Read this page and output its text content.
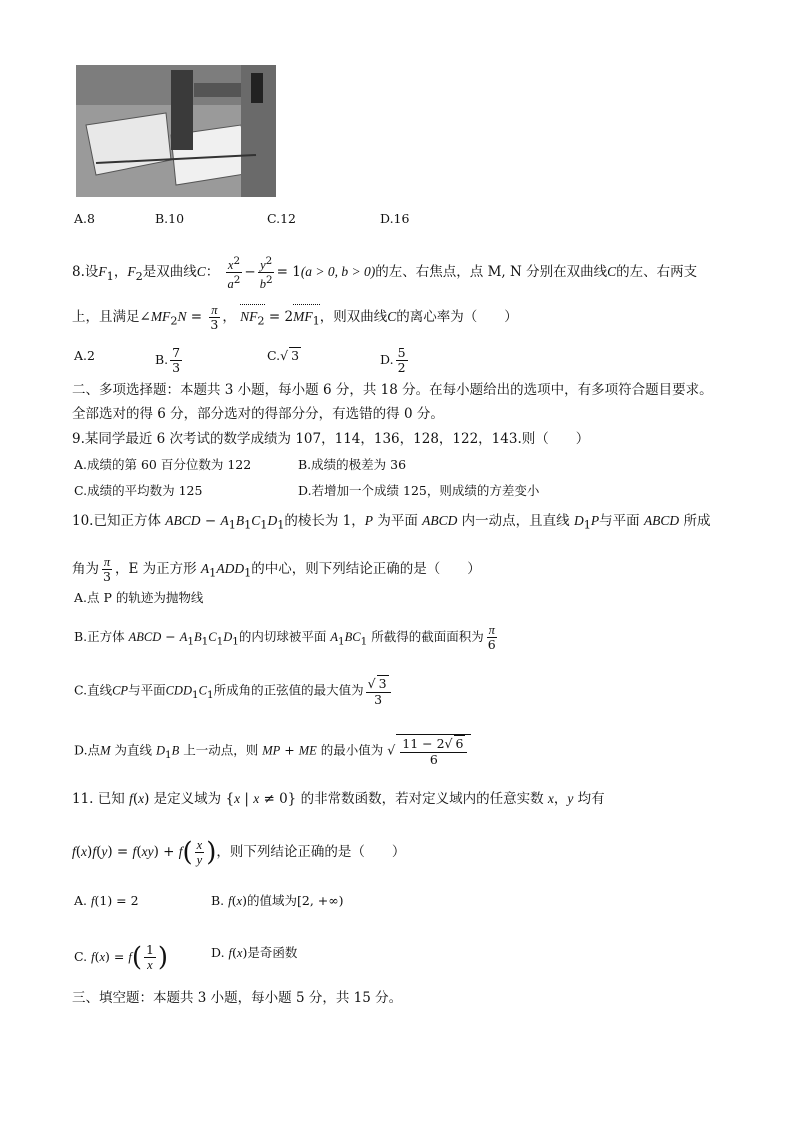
A.8	B.10	C.12	D.16
8.设$F_1$，$F_2$是双曲线C： $\frac{x^2}{a^2} - \frac{y^2}{b^2} = 1(a > 0$, b > 0)的左、右焦点，点 M, N 分别在双曲线C的左、右两支
上，且满足$\angle MF_2N = \frac{\pi}{3}$ ， $NF_2 = 2MF_1$，则双曲线C的离心率为（　　）
A.2	B. $\frac{7}{3}$	C.√ 3	D. $\frac{5}{2}$
二、多项选择题：本题共 3 小题，每小题 6 分，共 18 分。在每小题给出的选项中，有多项符合题目要求。
全部选对的得 6 分，部分选对的得部分分，有选错的得 0 分。
9.某同学最近 6 次考试的数学成绩为 107，114，136，128，122，143.则（　　）
A.成绩的第 60 百分位数为 122	B.成绩的极差为 36
C.成绩的平均数为 125	D.若增加一个成绩 125，则成绩的方差变小
10.已知正方体 ABCD − $A_1B_1C_1D_1$的棱长为 1，P 为平面 ABCD 内一动点，且直线 $D_1P$与平面 ABCD 所成
角为 $\frac{\pi}{3}$ ，E 为正方形 $A_1ADD_1$的中心，则下列结论正确的是（　　）
A.点 P 的轨迹为抛物线
B.正方体 ABCD − $A_1B_1C_1D_1$的内切球被平面 $A_1BC_1$ 所截得的截面面积为 $\frac{\pi}{6}$
C.直线CP与平面$CDD_1C_1$所成角的正弦值的最大值为 $\frac{√ 3}{3}$
D.点M 为直线 $D_1B$ 上一动点，则 MP + ME 的最小值为 √ $\frac{11 - 2√ 6}{6}$
11. 已知 f(x) 是定义域为 {x | x ≠ 0} 的非常数函数，若对定义域内的任意实数 x，y 均有
$f(x)f(y) = f(xy) + f( \frac{x}{y}$ )，则下列结论正确的是（　　）
A. f(1) = 2	B. f(x)的值域为[2, +∞)
C. $f(x) = f( \frac{1}{x}$ )	D. f(x)是奇函数
三、填空题：本题共 3 小题，每小题 5 分，共 15 分。
